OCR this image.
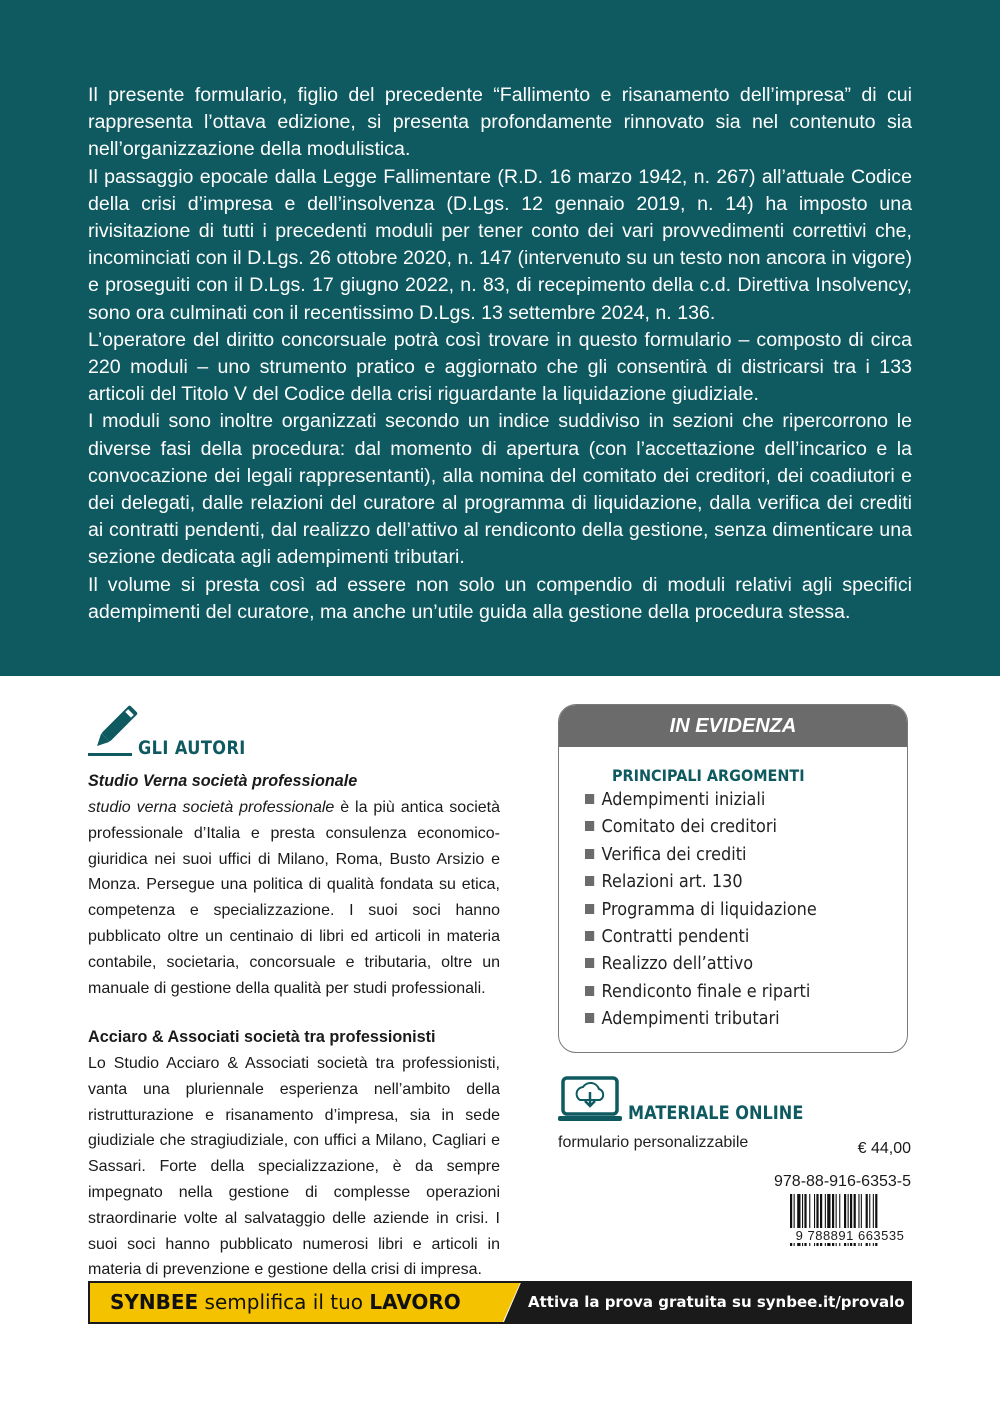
Il presente formulario, figlio del precedente “Fallimento e risanamento dell’impresa” di cui rappresenta l’ottava edizione, si presenta profondamente rinnovato sia nel contenuto sia nell’organizzazione della modulistica.

Il passaggio epocale dalla Legge Fallimentare (R.D. 16 marzo 1942, n. 267) all’attuale Codice della crisi d’impresa e dell’insolvenza (D.Lgs. 12 gennaio 2019, n. 14) ha imposto una rivisitazione di tutti i precedenti moduli per tener conto dei vari provvedimenti correttivi che, incominciati con il D.Lgs. 26 ottobre 2020, n. 147 (intervenuto su un testo non ancora in vigore) e proseguiti con il D.Lgs. 17 giugno 2022, n. 83, di recepimento della c.d. Direttiva Insolvency, sono ora culminati con il recentissimo D.Lgs. 13 settembre 2024, n. 136.

L’operatore del diritto concorsuale potrà così trovare in questo formulario – composto di circa 220 moduli – uno strumento pratico e aggiornato che gli consentirà di districarsi tra i 133 articoli del Titolo V del Codice della crisi riguardante la liquidazione giudiziale.

I moduli sono inoltre organizzati secondo un indice suddiviso in sezioni che ripercorrono le diverse fasi della procedura: dal momento di apertura (con l’accettazione dell’incarico e la convocazione dei legali rappresentanti), alla nomina del comitato dei creditori, dei coadiutori e dei delegati, dalle relazioni del curatore al programma di liquidazione, dalla verifica dei crediti ai contratti pendenti, dal realizzo dell’attivo al rendiconto della gestione, senza dimenticare una sezione dedicata agli adempimenti tributari.

Il volume si presta così ad essere non solo un compendio di moduli relativi agli specifici adempimenti del curatore, ma anche un’utile guida alla gestione della procedura stessa.

GLI AUTORI
Studio Verna società professionale

studio verna società professionale è la più antica società professionale d’Italia e presta consulenza economico-giuridica nei suoi uffici di Milano, Roma, Busto Arsizio e Monza. Persegue una politica di qualità fondata su etica, competenza e specializzazione. I suoi soci hanno pubblicato oltre un centinaio di libri ed articoli in materia contabile, societaria, concorsuale e tributaria, oltre un manuale di gestione della qualità per studi professionali.

Acciaro & Associati società tra professionisti

Lo Studio Acciaro & Associati società tra professionisti, vanta una pluriennale esperienza nell’ambito della ristrutturazione e risanamento d’impresa, sia in sede giudiziale che stragiudiziale, con uffici a Milano, Cagliari e Sassari. Forte della specializzazione, è da sempre impegnato nella gestione di complesse operazioni straordinarie volte al salvataggio delle aziende in crisi. I suoi soci hanno pubblicato numerosi libri e articoli in materia di prevenzione e gestione della crisi di impresa.

IN EVIDENZA
PRINCIPALI ARGOMENTI
Adempimenti iniziali
Comitato dei creditori
Verifica dei crediti
Relazioni art. 130
Programma di liquidazione
Contratti pendenti
Realizzo dell’attivo
Rendiconto finale e riparti
Adempimenti tributari
MATERIALE ONLINE
formulario personalizzabile	€ 44,00
978-88-916-6353-5
9 788891 663535
SYNBEE semplifica il tuo LAVORO	Attiva la prova gratuita su synbee.it/provalo
